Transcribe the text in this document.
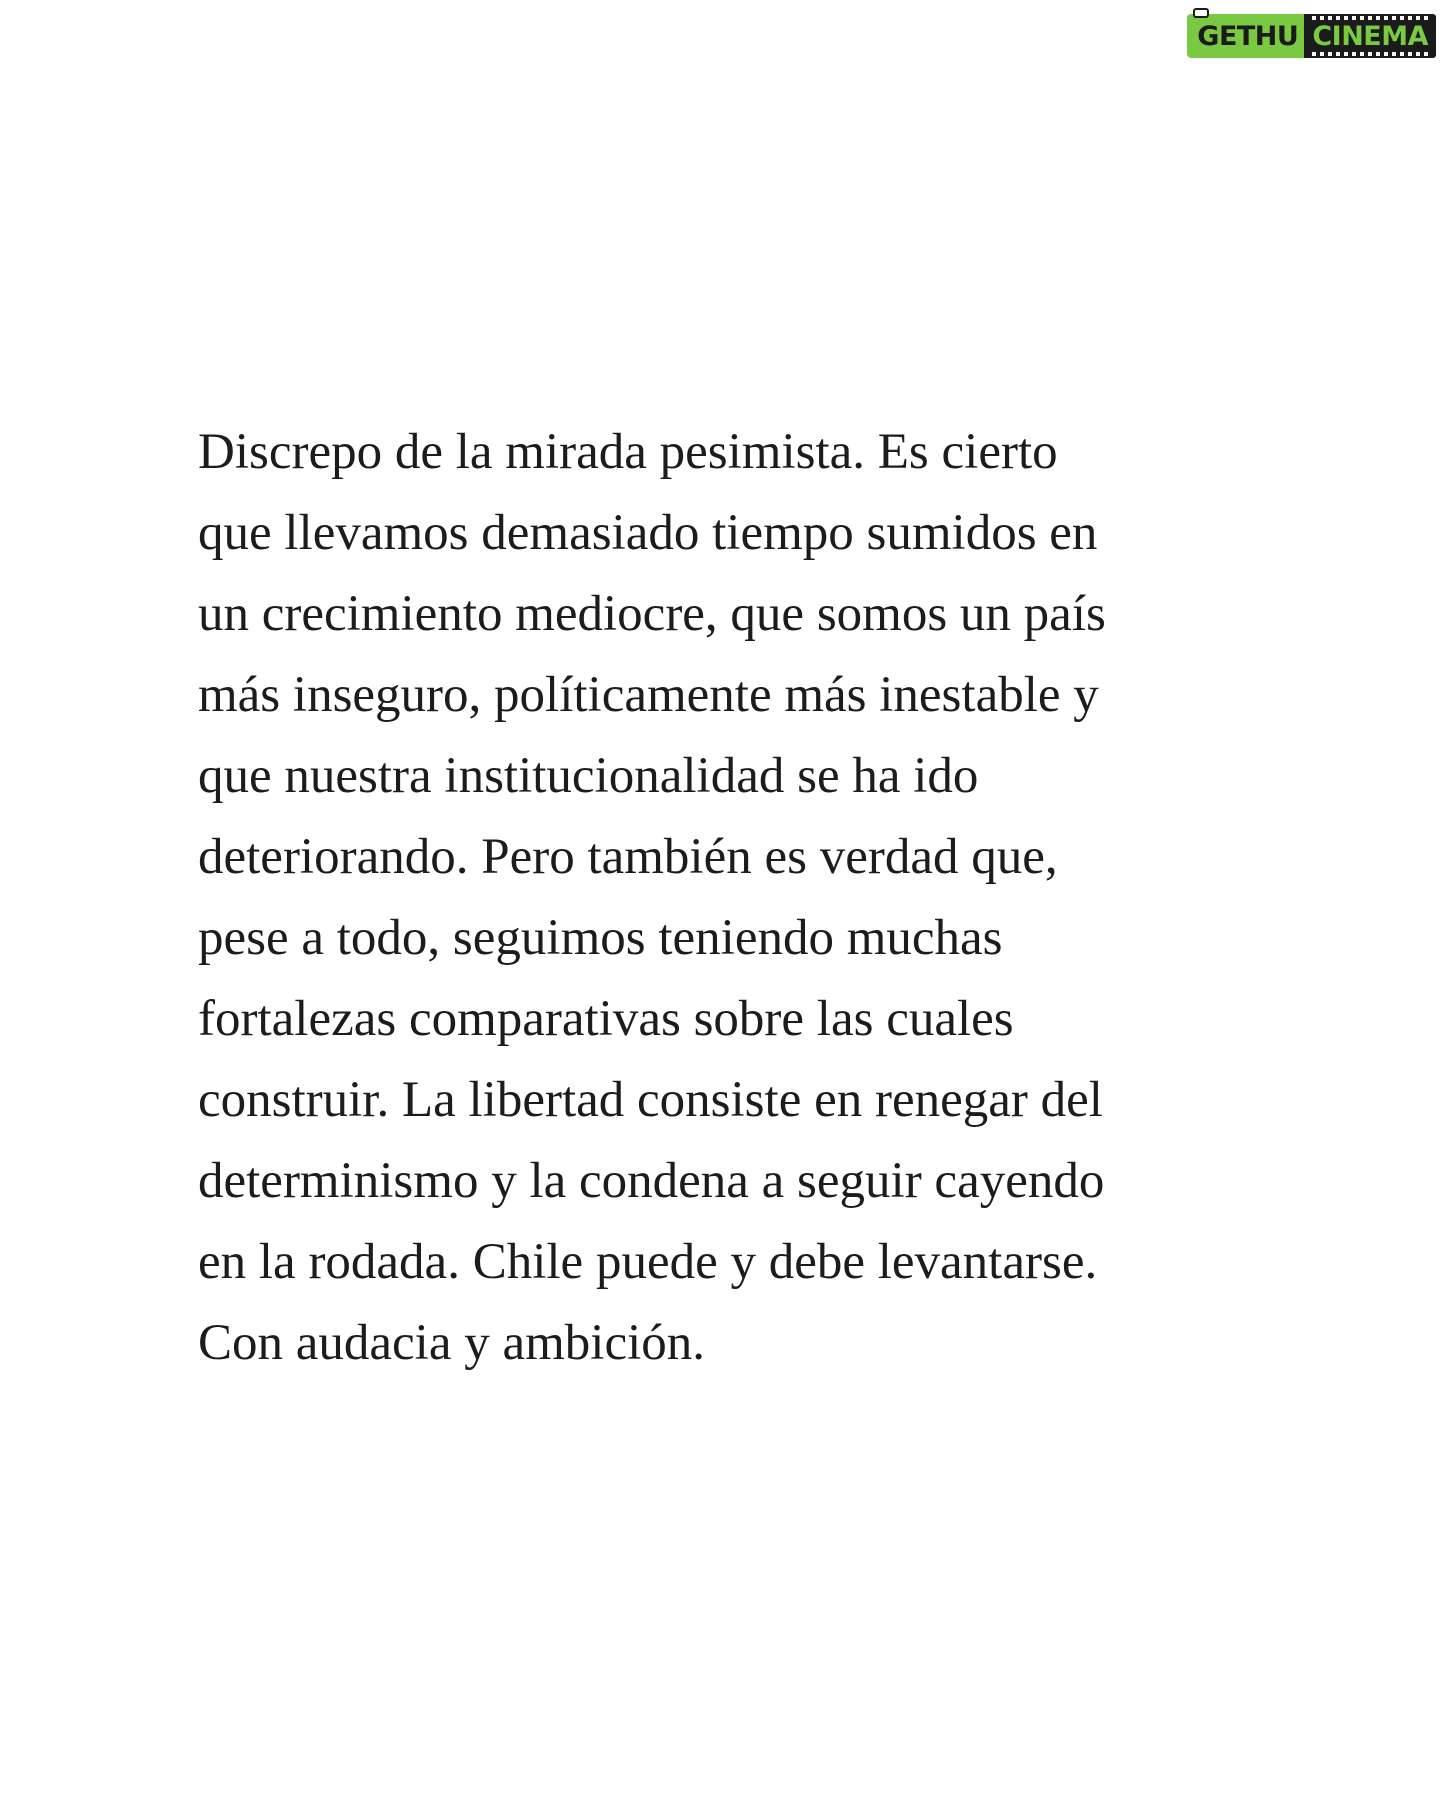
GETHU CINEMA
Discrepo de la mirada pesimista. Es cierto
que llevamos demasiado tiempo sumidos en
un crecimiento mediocre, que somos un país
más inseguro, políticamente más inestable y
que nuestra institucionalidad se ha ido
deteriorando. Pero también es verdad que,
pese a todo, seguimos teniendo muchas
fortalezas comparativas sobre las cuales
construir. La libertad consiste en renegar del
determinismo y la condena a seguir cayendo
en la rodada. Chile puede y debe levantarse.
Con audacia y ambición.
